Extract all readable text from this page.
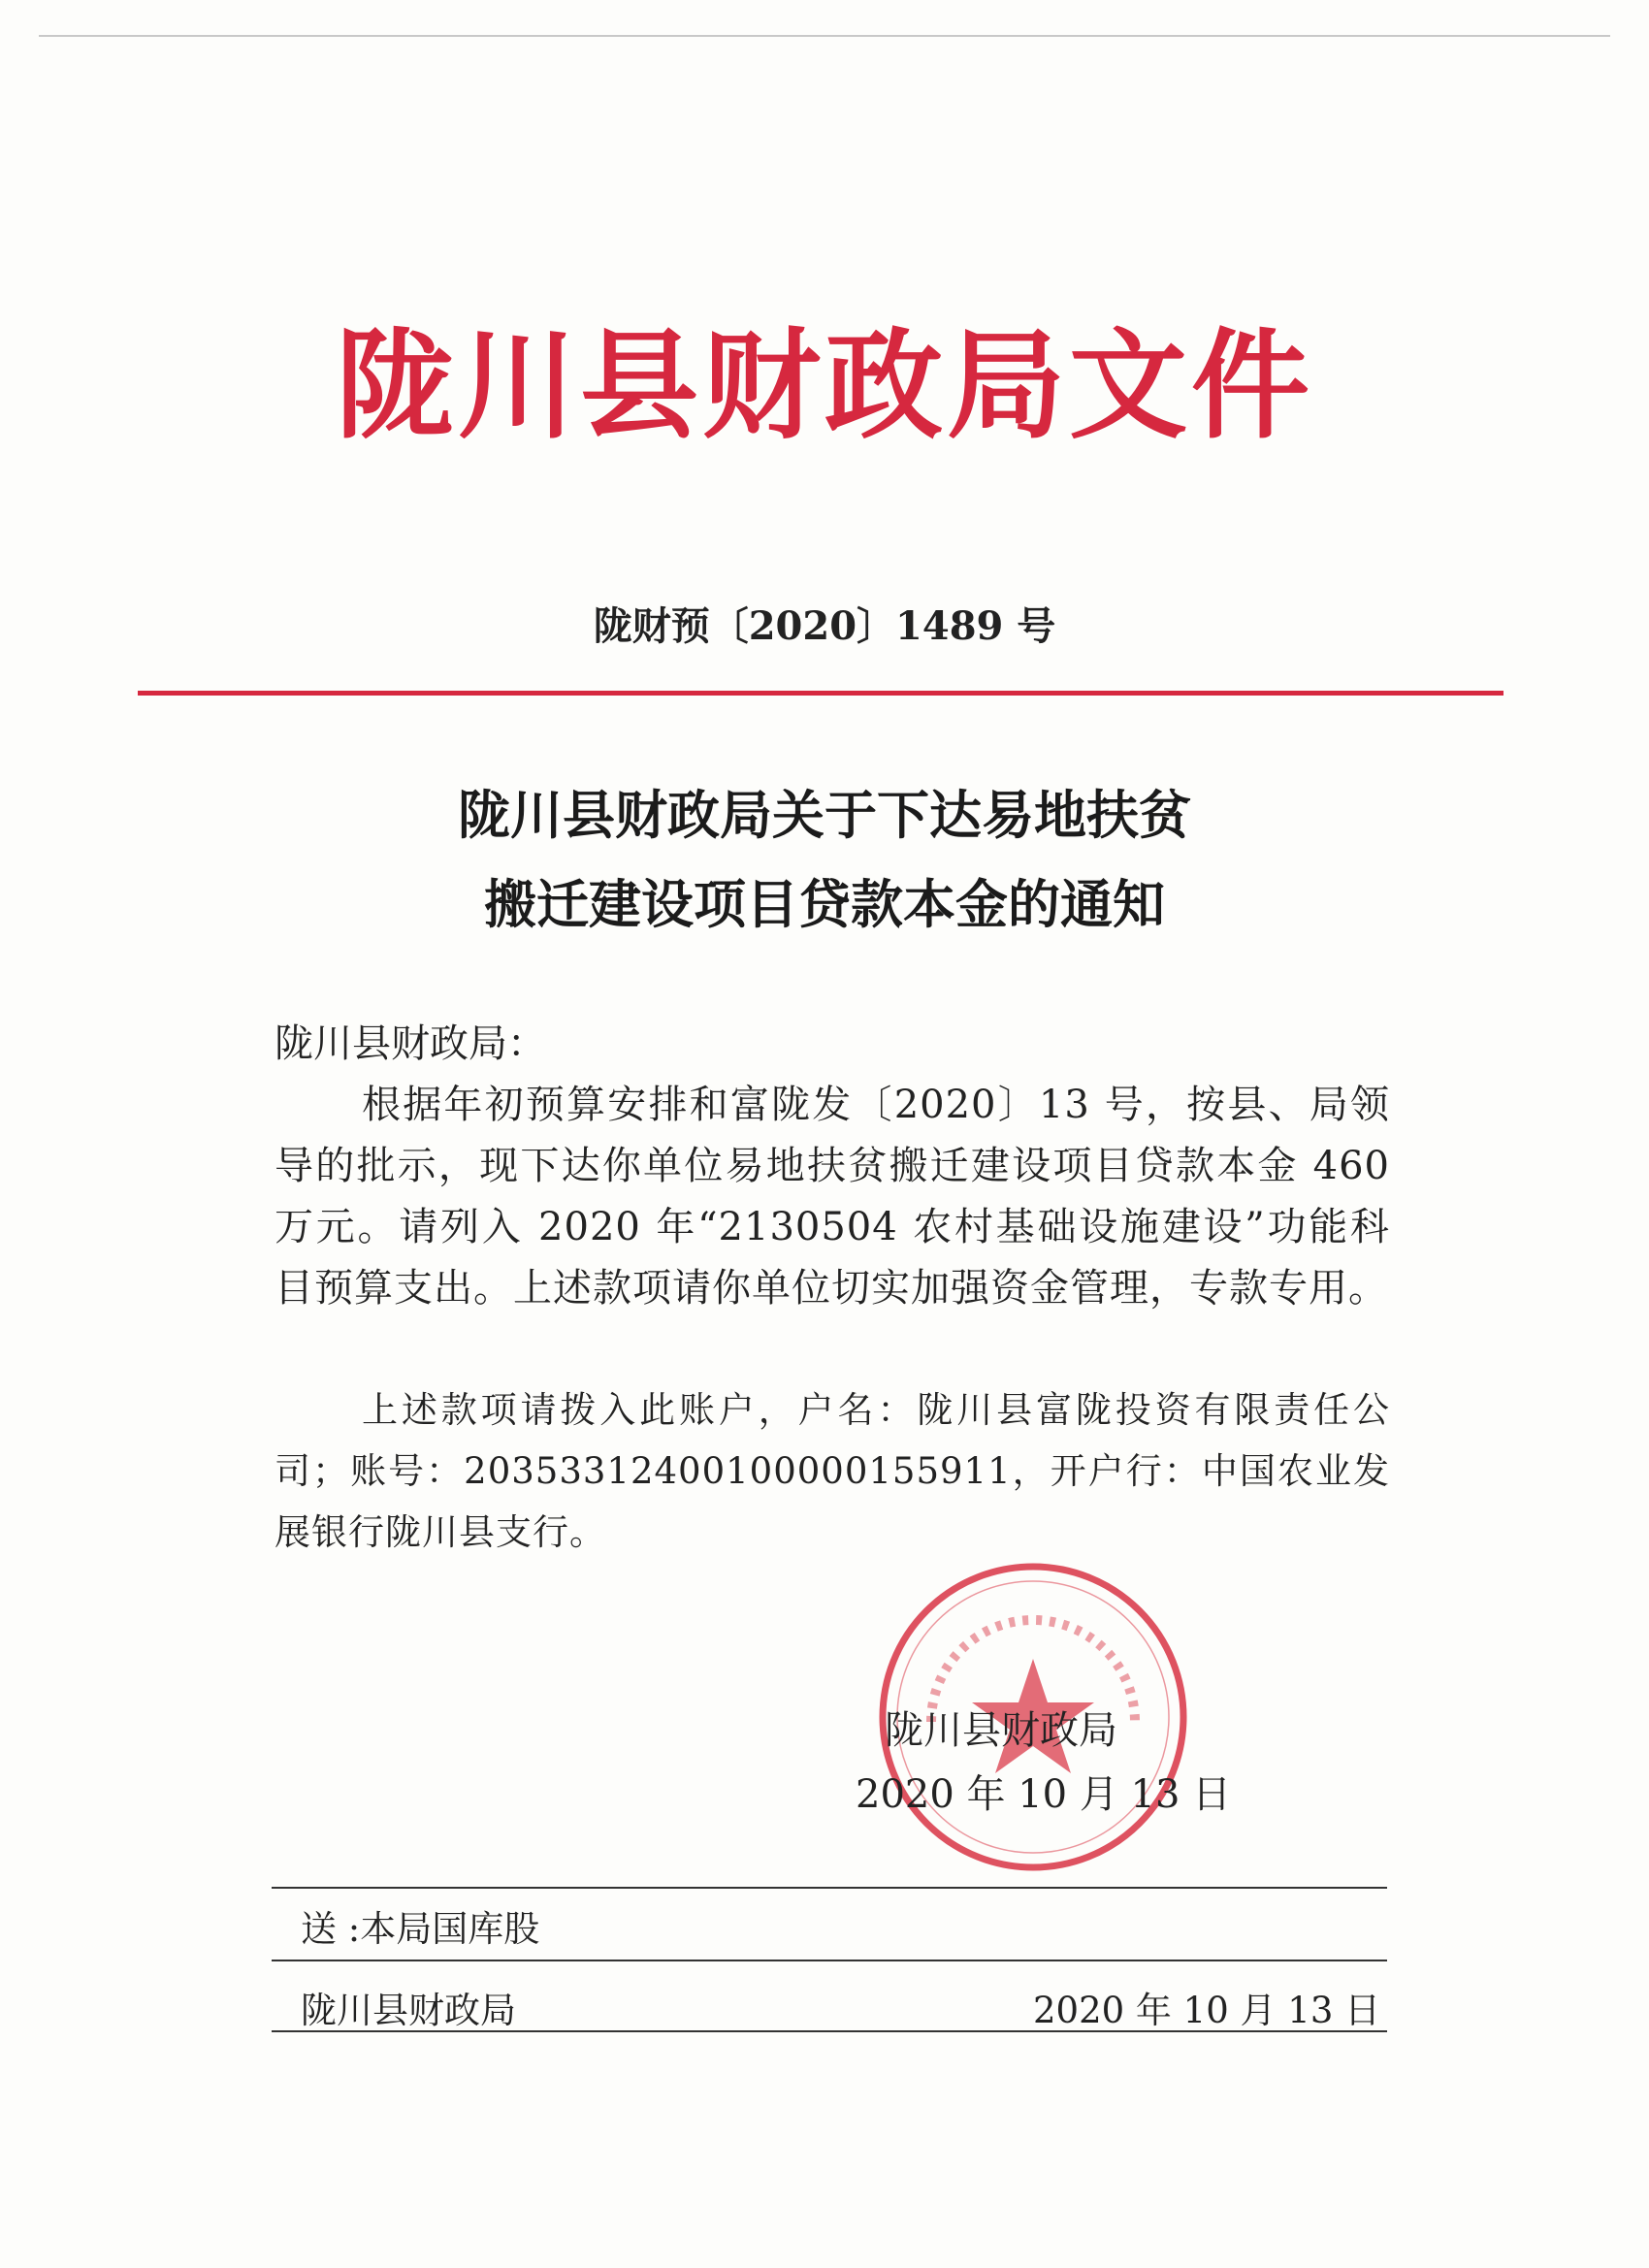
陇川县财政局文件
陇财预〔2020〕1489 号
陇川县财政局关于下达易地扶贫
搬迁建设项目贷款本金的通知
陇川县财政局：
根据年初预算安排和富陇发〔2020〕13 号，按县、局领导的批示，现下达你单位易地扶贫搬迁建设项目贷款本金 460 万元。请列入 2020 年“2130504 农村基础设施建设”功能科目预算支出。上述款项请你单位切实加强资金管理，专款专用。
上述款项请拨入此账户，户名：陇川县富陇投资有限责任公司；账号：20353312400100000155911，开户行：中国农业发展银行陇川县支行。
陇川县财政局
2020 年 10 月 13 日
送 :本局国库股
陇川县财政局	2020 年 10 月 13 日
